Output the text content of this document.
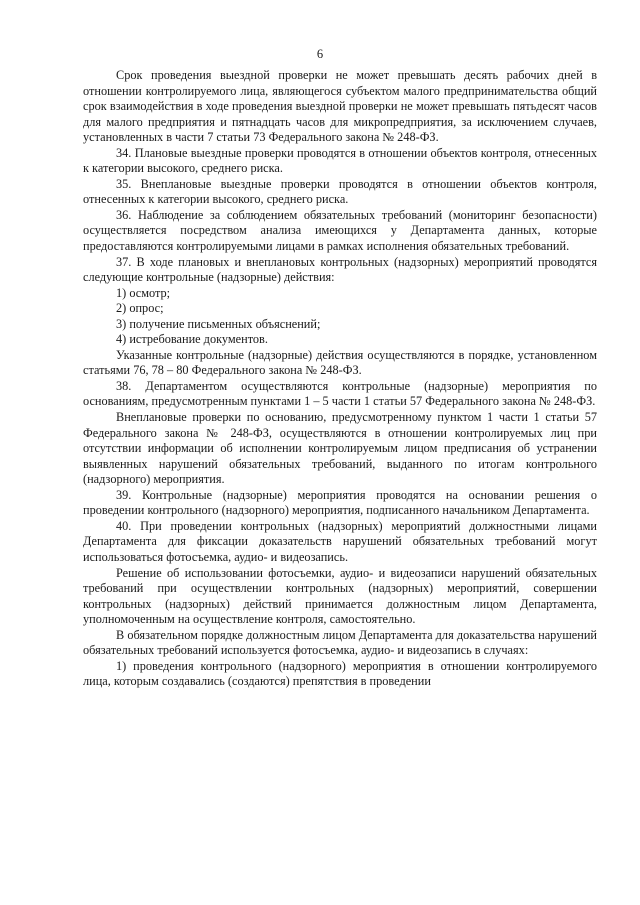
6

Срок проведения выездной проверки не может превышать десять рабочих дней в отношении контролируемого лица, являющегося субъектом малого предпринимательства общий срок взаимодействия в ходе проведения выездной проверки не может превышать пятьдесят часов для малого предприятия и пятнадцать часов для микропредприятия, за исключением случаев, установленных в части 7 статьи 73 Федерального закона № 248-ФЗ.

34. Плановые выездные проверки проводятся в отношении объектов контроля, отнесенных к категории высокого, среднего риска.

35. Внеплановые выездные проверки проводятся в отношении объектов контроля, отнесенных к категории высокого, среднего риска.

36. Наблюдение за соблюдением обязательных требований (мониторинг безопасности) осуществляется посредством анализа имеющихся у Департамента данных, которые предоставляются контролируемыми лицами в рамках исполнения обязательных требований.

37. В ходе плановых и внеплановых контрольных (надзорных) мероприятий проводятся следующие контрольные (надзорные) действия:

1) осмотр;

2) опрос;

3) получение письменных объяснений;

4) истребование документов.

Указанные контрольные (надзорные) действия осуществляются в порядке, установленном статьями 76, 78 – 80 Федерального закона № 248-ФЗ.

38. Департаментом осуществляются контрольные (надзорные) мероприятия по основаниям, предусмотренным пунктами 1 – 5 части 1 статьи 57 Федерального закона № 248-ФЗ.

Внеплановые проверки по основанию, предусмотренному пунктом 1 части 1 статьи 57 Федерального закона № 248-ФЗ, осуществляются в отношении контролируемых лиц при отсутствии информации об исполнении контролируемым лицом предписания об устранении выявленных нарушений обязательных требований, выданного по итогам контрольного (надзорного) мероприятия.

39. Контрольные (надзорные) мероприятия проводятся на основании решения о проведении контрольного (надзорного) мероприятия, подписанного начальником Департамента.

40. При проведении контрольных (надзорных) мероприятий должностными лицами Департамента для фиксации доказательств нарушений обязательных требований могут использоваться фотосъемка, аудио- и видеозапись.

Решение об использовании фотосъемки, аудио- и видеозаписи нарушений обязательных требований при осуществлении контрольных (надзорных) мероприятий, совершении контрольных (надзорных) действий принимается должностным лицом Департамента, уполномоченным на осуществление контроля, самостоятельно.

В обязательном порядке должностным лицом Департамента для доказательства нарушений обязательных требований используется фотосъемка, аудио- и видеозапись в случаях:

1) проведения контрольного (надзорного) мероприятия в отношении контролируемого лица, которым создавались (создаются) препятствия в проведении
